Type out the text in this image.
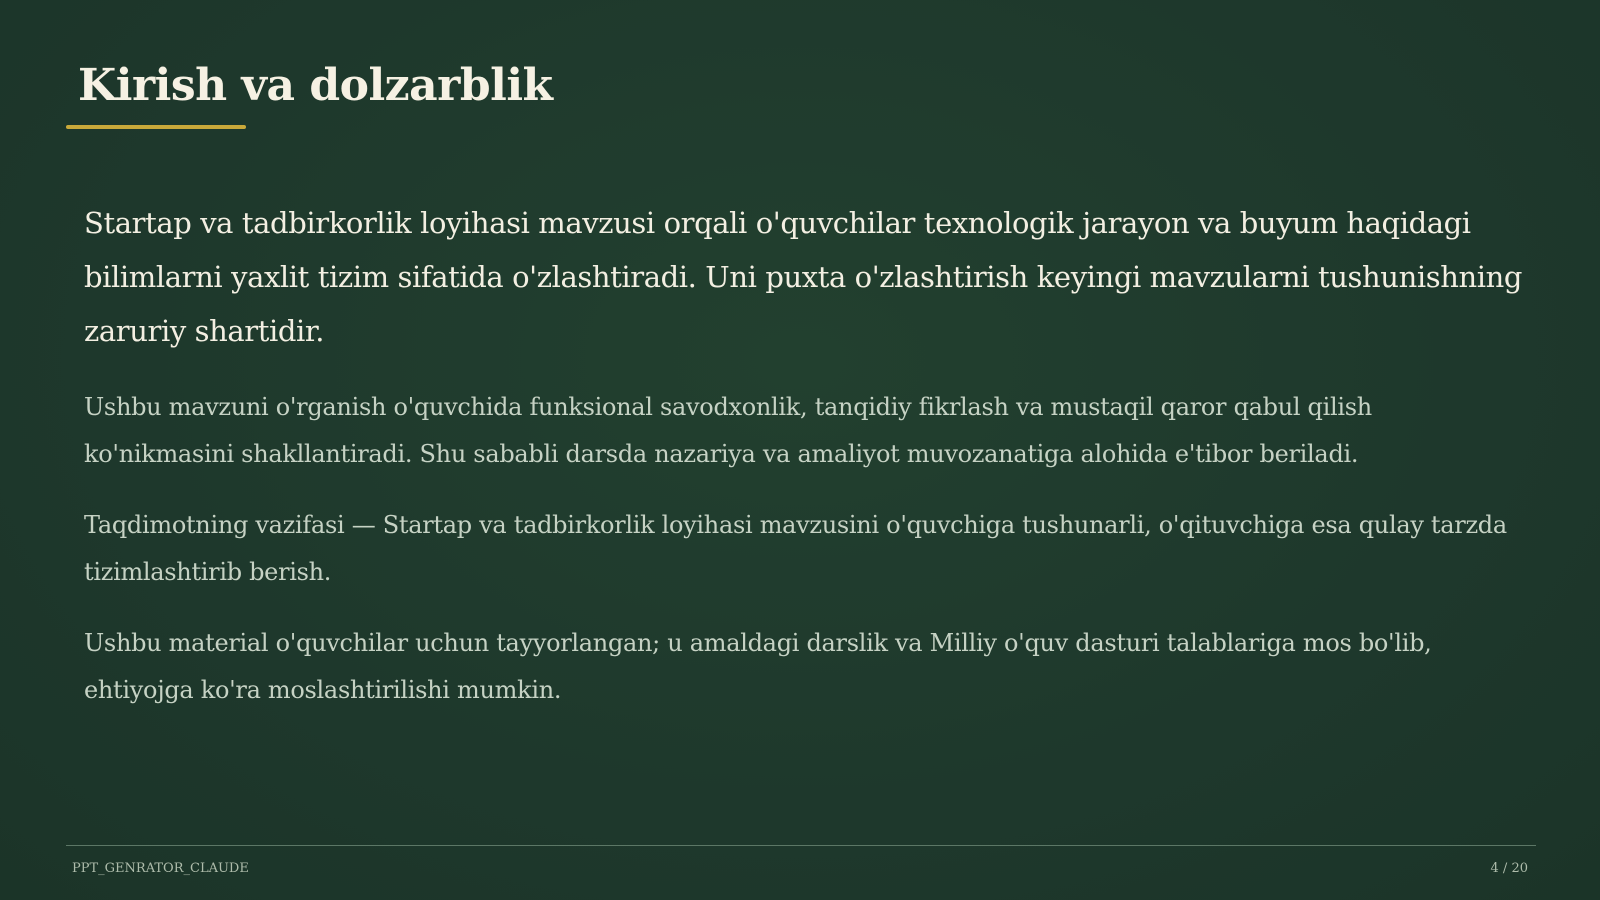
Kirish va dolzarblik

Startap va tadbirkorlik loyihasi mavzusi orqali o'quvchilar texnologik jarayon va buyum haqidagi bilimlarni yaxlit tizim sifatida o'zlashtiradi. Uni puxta o'zlashtirish keyingi mavzularni tushunishning zaruriy shartidir.

Ushbu mavzuni o'rganish o'quvchida funksional savodxonlik, tanqidiy fikrlash va mustaqil qaror qabul qilish ko'nikmasini shakllantiradi. Shu sababli darsda nazariya va amaliyot muvozanatiga alohida e'tibor beriladi.

Taqdimotning vazifasi — Startap va tadbirkorlik loyihasi mavzusini o'quvchiga tushunarli, o'qituvchiga esa qulay tarzda tizimlashtirib berish.

Ushbu material o'quvchilar uchun tayyorlangan; u amaldagi darslik va Milliy o'quv dasturi talablariga mos bo'lib, ehtiyojga ko'ra moslashtirilishi mumkin.

PPT_GENRATOR_CLAUDE	4 / 20
